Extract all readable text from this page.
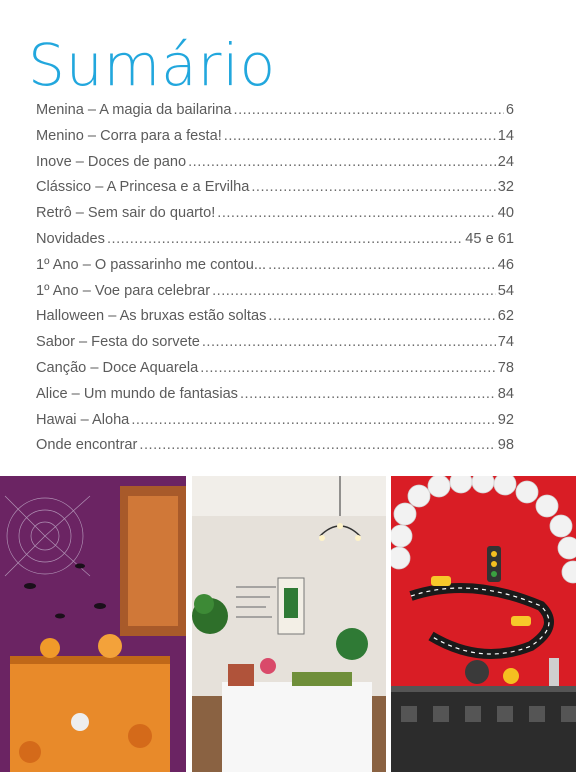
Sumário
Menina – A magia da bailarina .....	6
Menino – Corra para a festa! .....	14
Inove – Doces de pano .....	24
Clássico – A Princesa e a Ervilha .....	32
Retrô – Sem sair do quarto! .....	40
Novidades .....	45 e 61
1º Ano – O passarinho me contou... .....	46
1º Ano – Voe para celebrar .....	54
Halloween – As bruxas estão soltas .....	62
Sabor – Festa do sorvete .....	74
Canção – Doce Aquarela .....	78
Alice – Um mundo de fantasias .....	84
Hawai – Aloha .....	92
Onde encontrar .....	98
